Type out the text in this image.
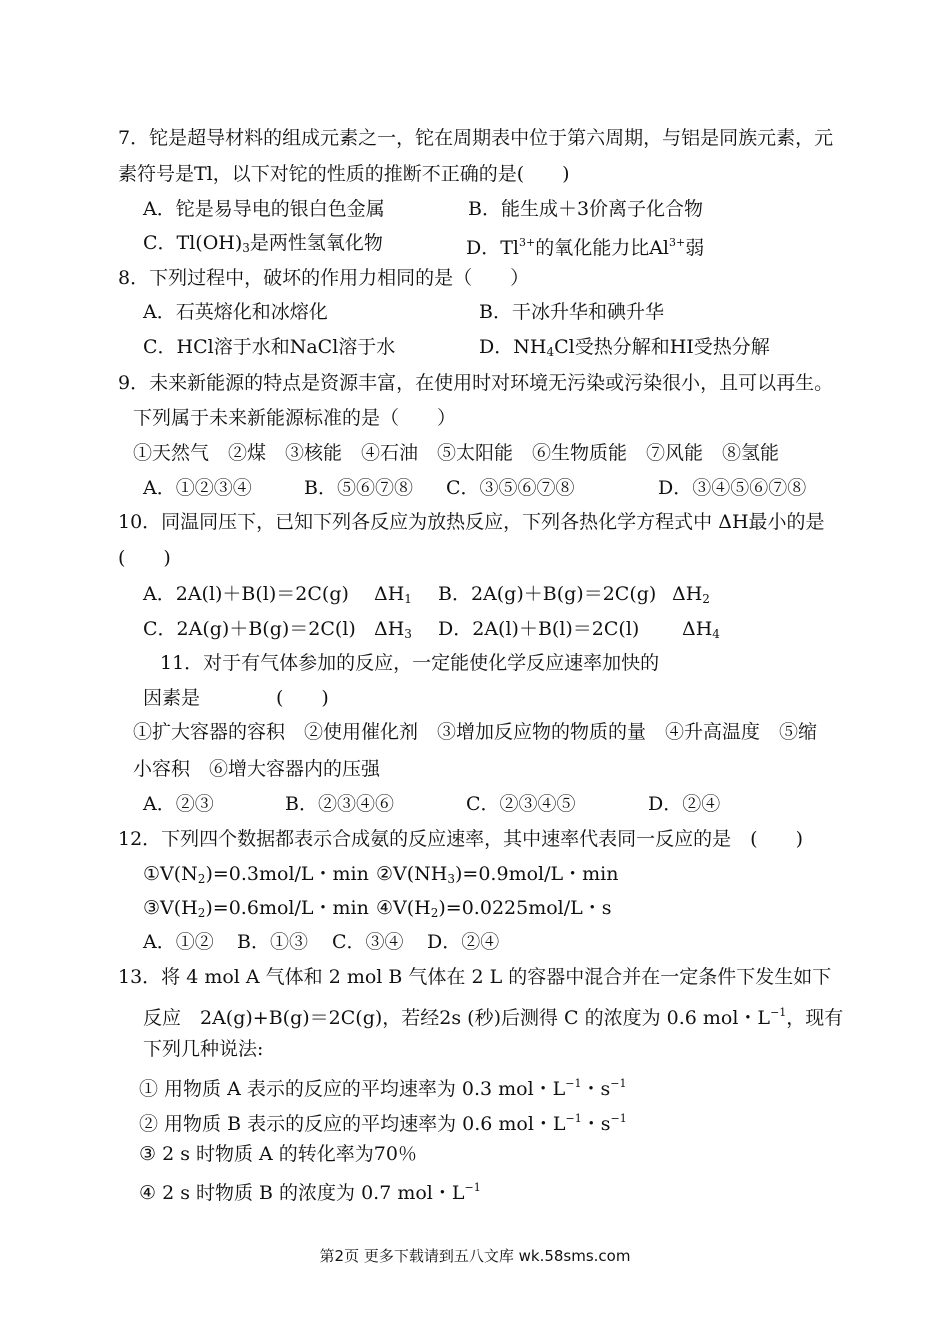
7．铊是超导材料的组成元素之一，铊在周期表中位于第六周期，与铝是同族元素，元
素符号是Tl，以下对铊的性质的推断不正确的是(　　)
A．铊是易导电的银白色金属	B．能生成＋3价离子化合物
C．$Tl(OH)_3$是两性氢氧化物	D．$Tl^{3+}$的氧化能力比$Al^{3+}$弱
8．下列过程中，破坏的作用力相同的是（　　）
A．石英熔化和冰熔化	B．干冰升华和碘升华
C．HCl溶于水和NaCl溶于水	D．$NH_4Cl$受热分解和HI受热分解
9．未来新能源的特点是资源丰富，在使用时对环境无污染或污染很小，且可以再生。
下列属于未来新能源标准的是（　　）
①天然气　②煤　③核能　④石油　⑤太阳能　⑥生物质能　⑦风能　⑧氢能
A．①②③④	B．⑤⑥⑦⑧ C．③⑤⑥⑦⑧	D．③④⑤⑥⑦⑧
10．同温同压下，已知下列各反应为放热反应，下列各热化学方程式中 ΔH最小的是
(　　)
A．2A(l)＋B(l)＝2C(g) $\Delta H_1$ B．2A(g)＋B(g)＝2C(g) $\Delta H_2$
C．2A(g)＋B(g)＝2C(l) $\Delta H_3$ D．2A(l)＋B(l)＝2C(l) $\Delta H_4$
11．对于有气体参加的反应，一定能使化学反应速率加快的
因素是　　　　(　　)
①扩大容器的容积　②使用催化剂　③增加反应物的物质的量　④升高温度　⑤缩
小容积　⑥增大容器内的压强
A．②③	B．②③④⑥	C．②③④⑤	D．②④
12．下列四个数据都表示合成氨的反应速率，其中速率代表同一反应的是　(　　)
$①V(N_2)=0.3mol/L$・$\min ②V(NH_3)=0.9mol/L$・min
$③V(H_2)=0.6mol/L$・$\min ④V(H_2)=0.0225mol/L$・s
A．①② B．①③ C．③④ D．②④
13．将 4 mol A 气体和 2 mol B 气体在 2 L 的容器中混合并在一定条件下发生如下
反应　2A(g)+B(g)＝2C(g)，若经2s (秒)后测得 C 的浓度为 0.6 mol・$L^{-1}$，现有
下列几种说法:
① 用物质 A 表示的反应的平均速率为 0.3 mol・$L^{-1}$・$s^{-1}$
② 用物质 B 表示的反应的平均速率为 0.6 mol・$L^{-1}$・$s^{-1}$
③ 2 s 时物质 A 的转化率为70％
④ 2 s 时物质 B 的浓度为 0.7 mol・$L^{-1}$
第2页 更多下载请到五八文库 wk.58sms.com
